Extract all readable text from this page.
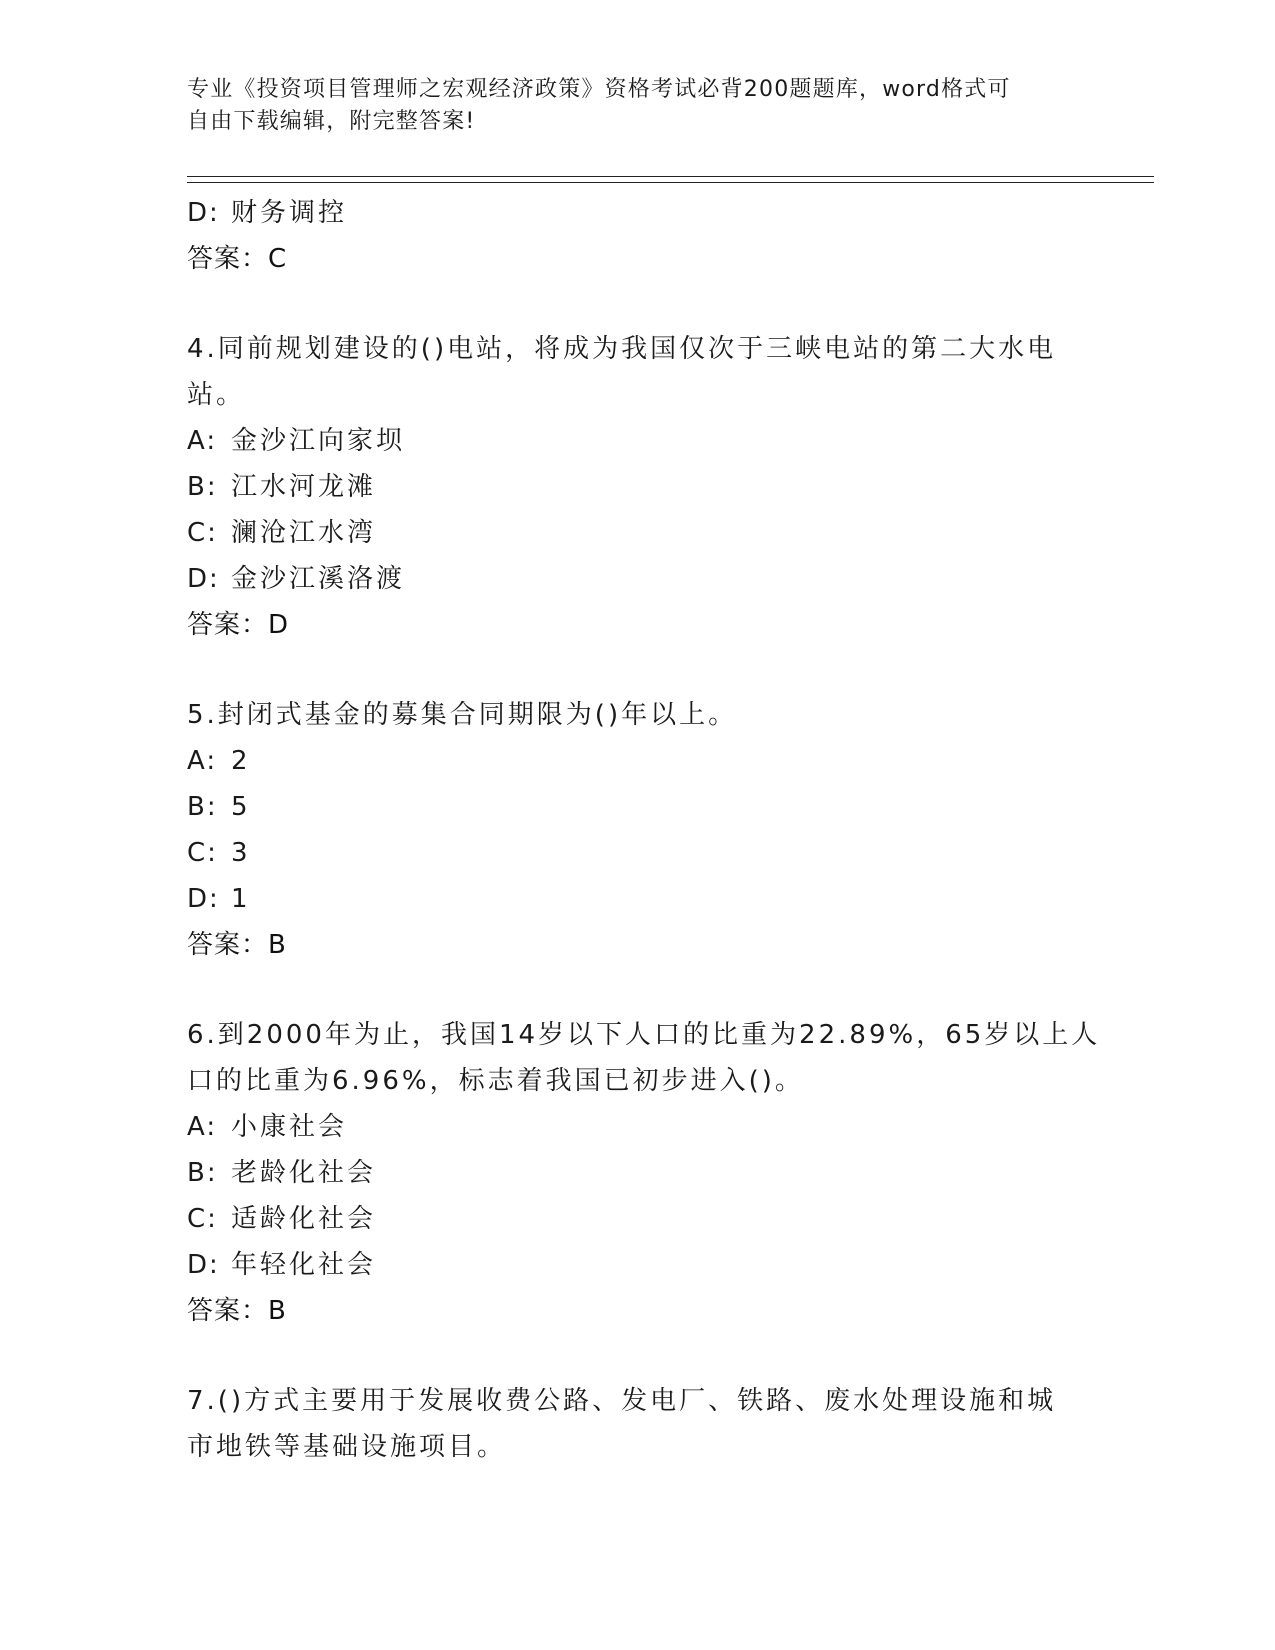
专业《投资项目管理师之宏观经济政策》资格考试必背200题题库，word格式可
自由下载编辑，附完整答案!
D: 财务调控
答案：C
4.同前规划建设的()电站，将成为我国仅次于三峡电站的第二大水电
站。
A: 金沙江向家坝
B: 江水河龙滩
C: 澜沧江水湾
D: 金沙江溪洛渡
答案：D
5.封闭式基金的募集合同期限为()年以上。
A: 2
B: 5
C: 3
D: 1
答案：B
6.到2000年为止，我国14岁以下人口的比重为22.89%，65岁以上人
口的比重为6.96%，标志着我国已初步进入()。
A: 小康社会
B: 老龄化社会
C: 适龄化社会
D: 年轻化社会
答案：B
7.()方式主要用于发展收费公路、发电厂、铁路、废水处理设施和城
市地铁等基础设施项目。
